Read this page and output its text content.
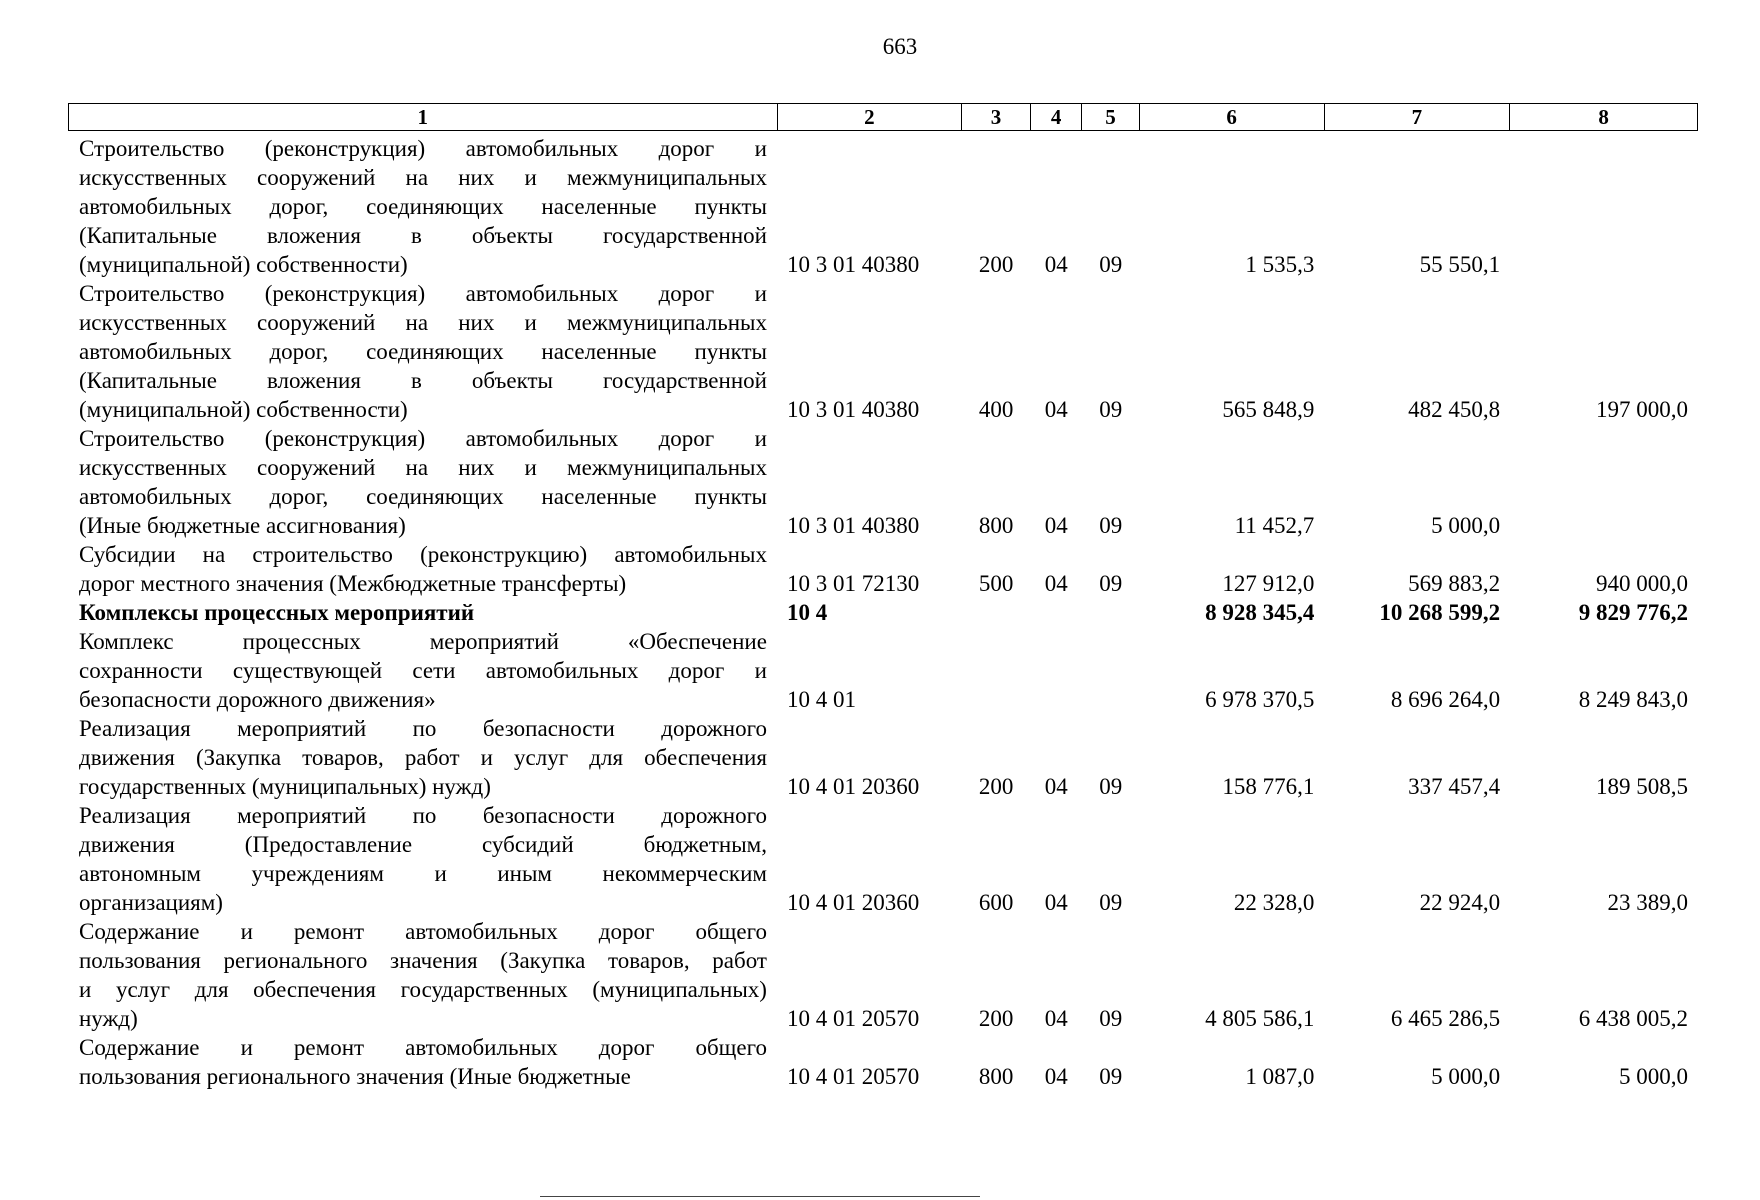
663
1	2	3	4	5	6	7	8
Строительство (реконструкция) автомобильных дорог и
искусственных сооружений на них и межмуниципальных
автомобильных дорог, соединяющих населенные пункты
(Капитальные вложения в объекты государственной
(муниципальной) собственности)	10 3 01 40380	200	04	09	1 535,3	55 550,1	

Строительство (реконструкция) автомобильных дорог и
искусственных сооружений на них и межмуниципальных
автомобильных дорог, соединяющих населенные пункты
(Капитальные вложения в объекты государственной
(муниципальной) собственности)	10 3 01 40380	400	04	09	565 848,9	482 450,8	197 000,0

Строительство (реконструкция) автомобильных дорог и
искусственных сооружений на них и межмуниципальных
автомобильных дорог, соединяющих населенные пункты
(Иные бюджетные ассигнования)	10 3 01 40380	800	04	09	11 452,7	5 000,0	

Субсидии на строительство (реконструкцию) автомобильных
дорог местного значения (Межбюджетные трансферты)	10 3 01 72130	500	04	09	127 912,0	569 883,2	940 000,0

Комплексы процессных мероприятий	10 4				8 928 345,4	10 268 599,2	9 829 776,2

Комплекс процессных мероприятий «Обеспечение
сохранности существующей сети автомобильных дорог и
безопасности дорожного движения»	10 4 01				6 978 370,5	8 696 264,0	8 249 843,0

Реализация мероприятий по безопасности дорожного
движения (Закупка товаров, работ и услуг для обеспечения
государственных (муниципальных) нужд)	10 4 01 20360	200	04	09	158 776,1	337 457,4	189 508,5

Реализация мероприятий по безопасности дорожного
движения (Предоставление субсидий бюджетным,
автономным учреждениям и иным некоммерческим
организациям)	10 4 01 20360	600	04	09	22 328,0	22 924,0	23 389,0

Содержание и ремонт автомобильных дорог общего
пользования регионального значения (Закупка товаров, работ
и услуг для обеспечения государственных (муниципальных)
нужд)	10 4 01 20570	200	04	09	4 805 586,1	6 465 286,5	6 438 005,2

Содержание и ремонт автомобильных дорог общего
пользования регионального значения (Иные бюджетные	10 4 01 20570	800	04	09	1 087,0	5 000,0	5 000,0
